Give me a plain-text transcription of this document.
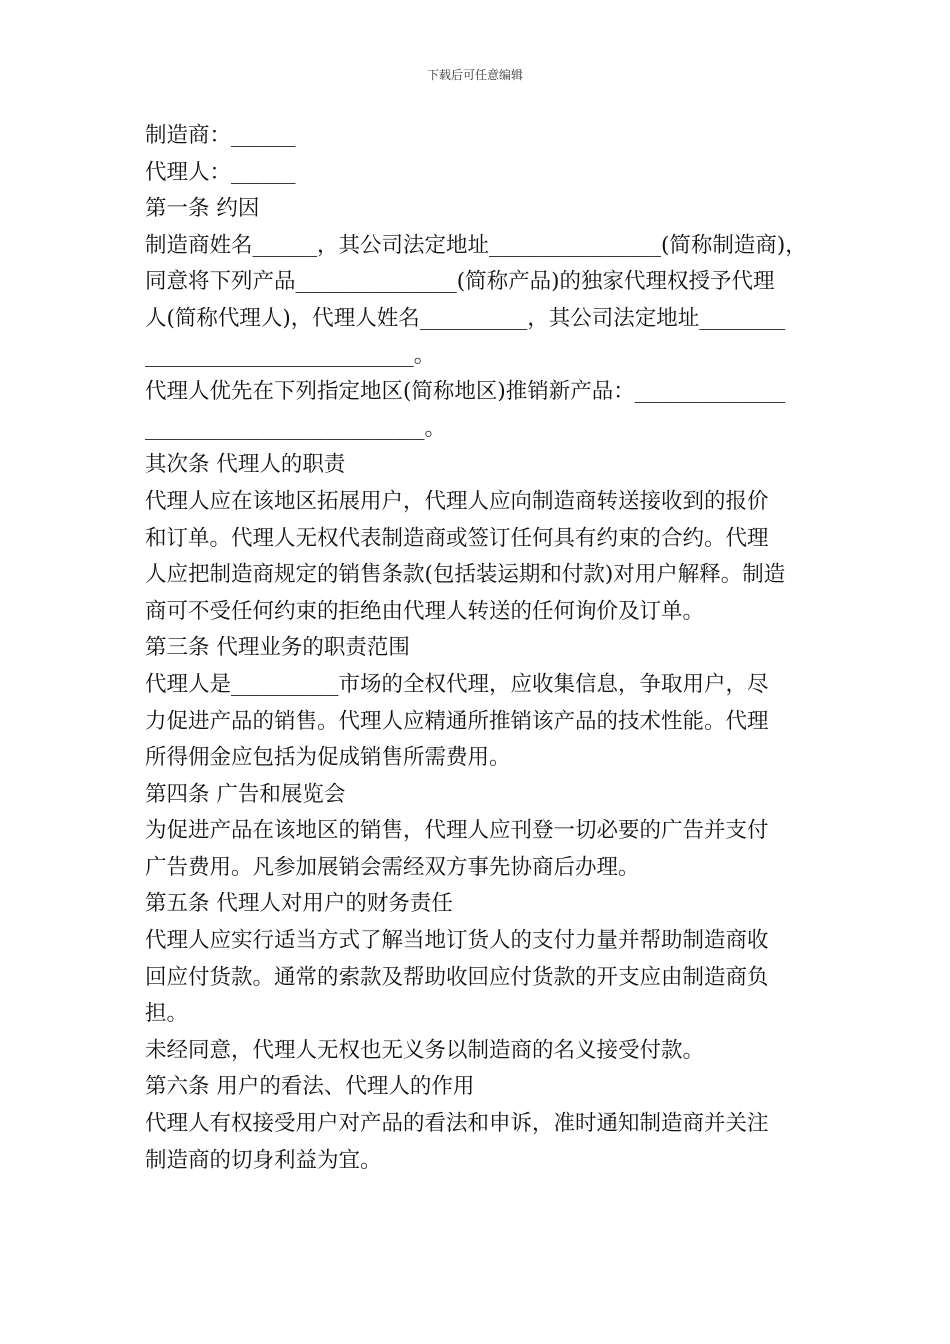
下载后可任意编辑

制造商：______

代理人：______

第一条 约因

制造商姓名______，其公司法定地址________________(简称制造商)，

同意将下列产品_______________(简称产品)的独家代理权授予代理

人(简称代理人)，代理人姓名__________，其公司法定地址________

_________________________。

代理人优先在下列指定地区(简称地区)推销新产品：______________

__________________________。

其次条 代理人的职责

代理人应在该地区拓展用户，代理人应向制造商转送接收到的报价

和订单。代理人无权代表制造商或签订任何具有约束的合约。代理

人应把制造商规定的销售条款(包括装运期和付款)对用户解释。制造

商可不受任何约束的拒绝由代理人转送的任何询价及订单。

第三条 代理业务的职责范围

代理人是__________市场的全权代理，应收集信息，争取用户，尽

力促进产品的销售。代理人应精通所推销该产品的技术性能。代理

所得佣金应包括为促成销售所需费用。

第四条 广告和展览会

为促进产品在该地区的销售，代理人应刊登一切必要的广告并支付

广告费用。凡参加展销会需经双方事先协商后办理。

第五条 代理人对用户的财务责任

代理人应实行适当方式了解当地订货人的支付力量并帮助制造商收

回应付货款。通常的索款及帮助收回应付货款的开支应由制造商负

担。

未经同意，代理人无权也无义务以制造商的名义接受付款。

第六条 用户的看法、代理人的作用

代理人有权接受用户对产品的看法和申诉，准时通知制造商并关注

制造商的切身利益为宜。
